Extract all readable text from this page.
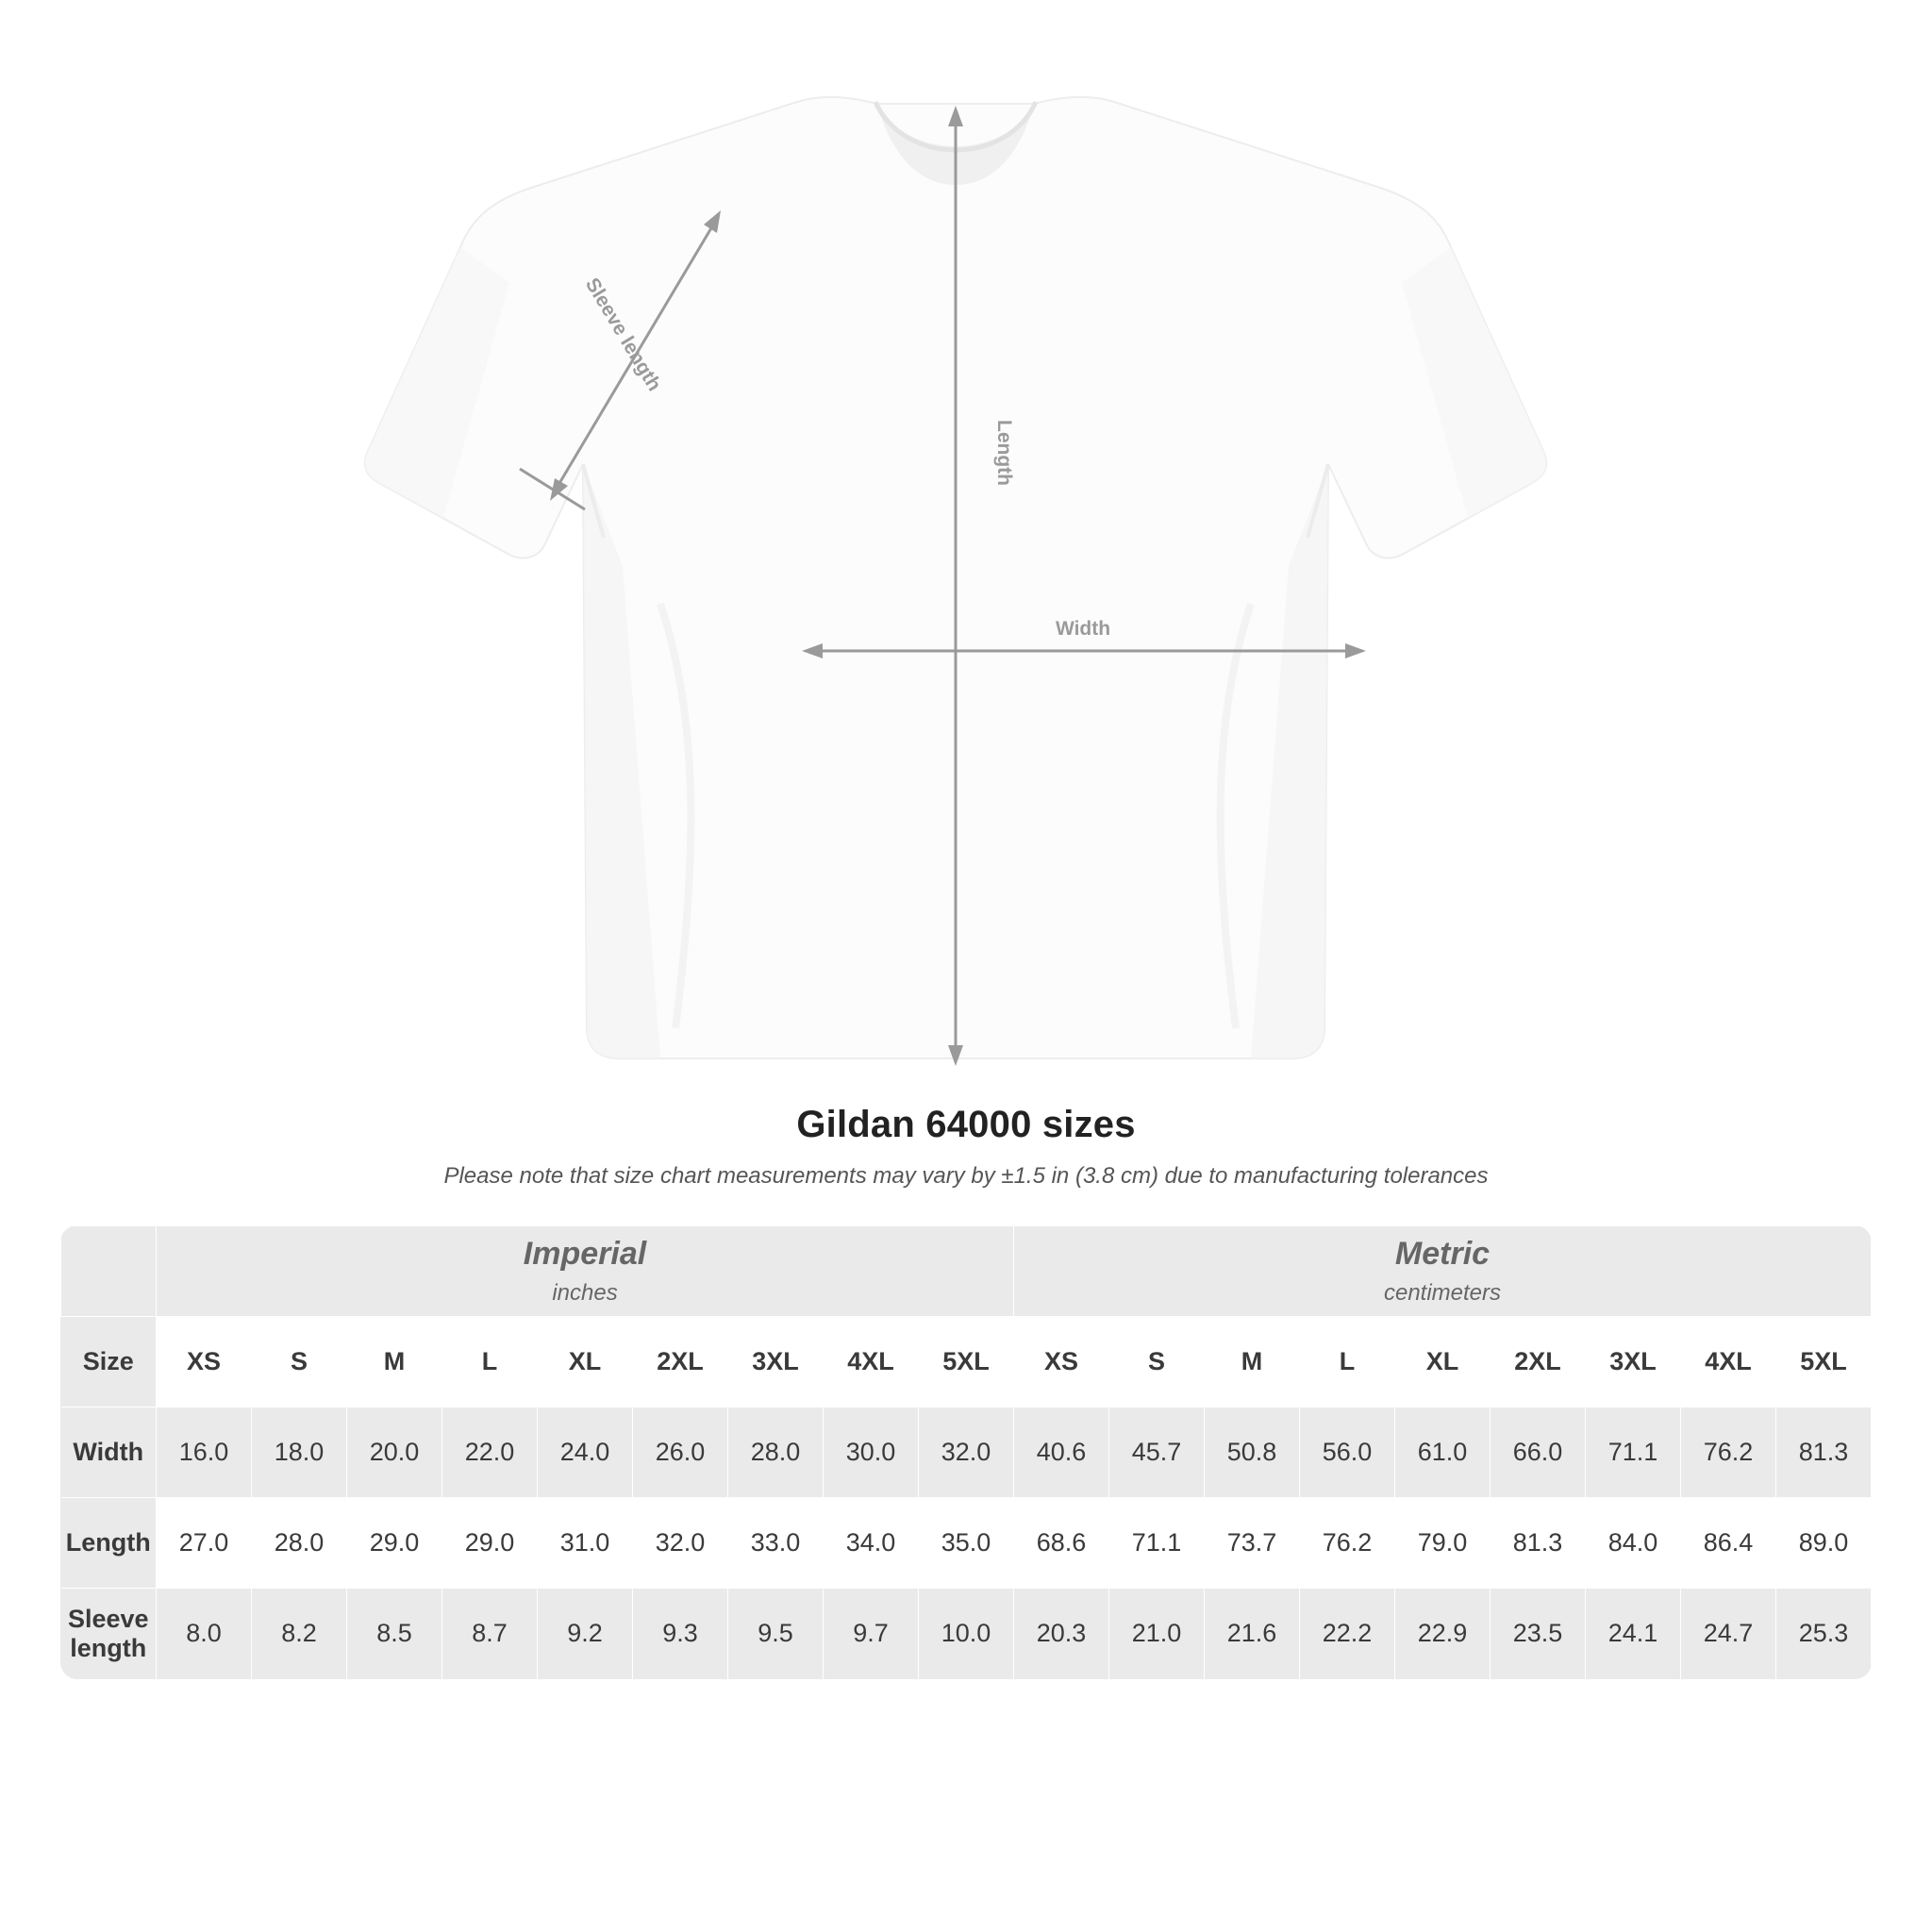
Length
Width
Sleeve length
Gildan 64000 sizes
Please note that size chart measurements may vary by ±1.5 in (3.8 cm) due to manufacturing tolerances

Imperial
inches

Metric
centimeters

Size	XS	S	M	L	XL	2XL	3XL	4XL	5XL	XS	S	M	L	XL	2XL	3XL	4XL	5XL
Width	16.0	18.0	20.0	22.0	24.0	26.0	28.0	30.0	32.0	40.6	45.7	50.8	56.0	61.0	66.0	71.1	76.2	81.3
Length	27.0	28.0	29.0	29.0	31.0	32.0	33.0	34.0	35.0	68.6	71.1	73.7	76.2	79.0	81.3	84.0	86.4	89.0
Sleeve length	8.0	8.2	8.5	8.7	9.2	9.3	9.5	9.7	10.0	20.3	21.0	21.6	22.2	22.9	23.5	24.1	24.7	25.3
